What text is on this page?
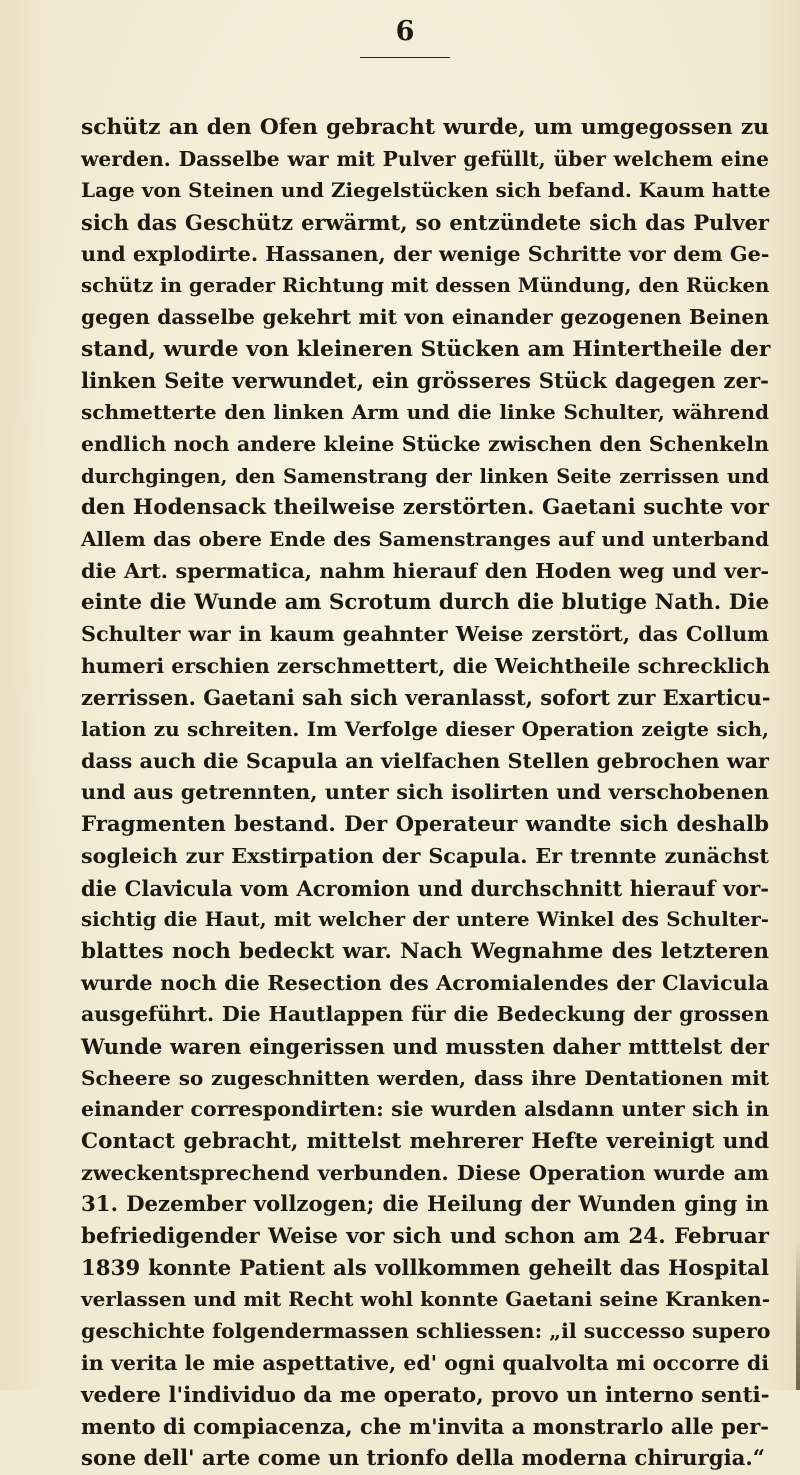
6
schütz an den Ofen gebracht wurde, um umgegossen zu
werden. Dasselbe war mit Pulver gefüllt, über welchem eine
Lage von Steinen und Ziegelstücken sich befand. Kaum hatte
sich das Geschütz erwärmt, so entzündete sich das Pulver
und explodirte. Hassanen, der wenige Schritte vor dem Ge-
schütz in gerader Richtung mit dessen Mündung, den Rücken
gegen dasselbe gekehrt mit von einander gezogenen Beinen
stand, wurde von kleineren Stücken am Hintertheile der
linken Seite verwundet, ein grösseres Stück dagegen zer-
schmetterte den linken Arm und die linke Schulter, während
endlich noch andere kleine Stücke zwischen den Schenkeln
durchgingen, den Samenstrang der linken Seite zerrissen und
den Hodensack theilweise zerstörten. Gaetani suchte vor
Allem das obere Ende des Samenstranges auf und unterband
die Art. spermatica, nahm hierauf den Hoden weg und ver-
einte die Wunde am Scrotum durch die blutige Nath. Die
Schulter war in kaum geahnter Weise zerstört, das Collum
humeri erschien zerschmettert, die Weichtheile schrecklich
zerrissen. Gaetani sah sich veranlasst, sofort zur Exarticu-
lation zu schreiten. Im Verfolge dieser Operation zeigte sich,
dass auch die Scapula an vielfachen Stellen gebrochen war
und aus getrennten, unter sich isolirten und verschobenen
Fragmenten bestand. Der Operateur wandte sich deshalb
sogleich zur Exstirpation der Scapula. Er trennte zunächst
die Clavicula vom Acromion und durchschnitt hierauf vor-
sichtig die Haut, mit welcher der untere Winkel des Schulter-
blattes noch bedeckt war. Nach Wegnahme des letzteren
wurde noch die Resection des Acromialendes der Clavicula
ausgeführt. Die Hautlappen für die Bedeckung der grossen
Wunde waren eingerissen und mussten daher mtttelst der
Scheere so zugeschnitten werden, dass ihre Dentationen mit
einander correspondirten: sie wurden alsdann unter sich in
Contact gebracht, mittelst mehrerer Hefte vereinigt und
zweckentsprechend verbunden. Diese Operation wurde am
31. Dezember vollzogen; die Heilung der Wunden ging in
befriedigender Weise vor sich und schon am 24. Februar
1839 konnte Patient als vollkommen geheilt das Hospital
verlassen und mit Recht wohl konnte Gaetani seine Kranken-
geschichte folgendermassen schliessen: „il successo supero
in verita le mie aspettative, ed' ogni qualvolta mi occorre di
vedere l'individuo da me operato, provo un interno senti-
mento di compiacenza, che m'invita a monstrarlo alle per-
sone dell' arte come un trionfo della moderna chirurgia.“
